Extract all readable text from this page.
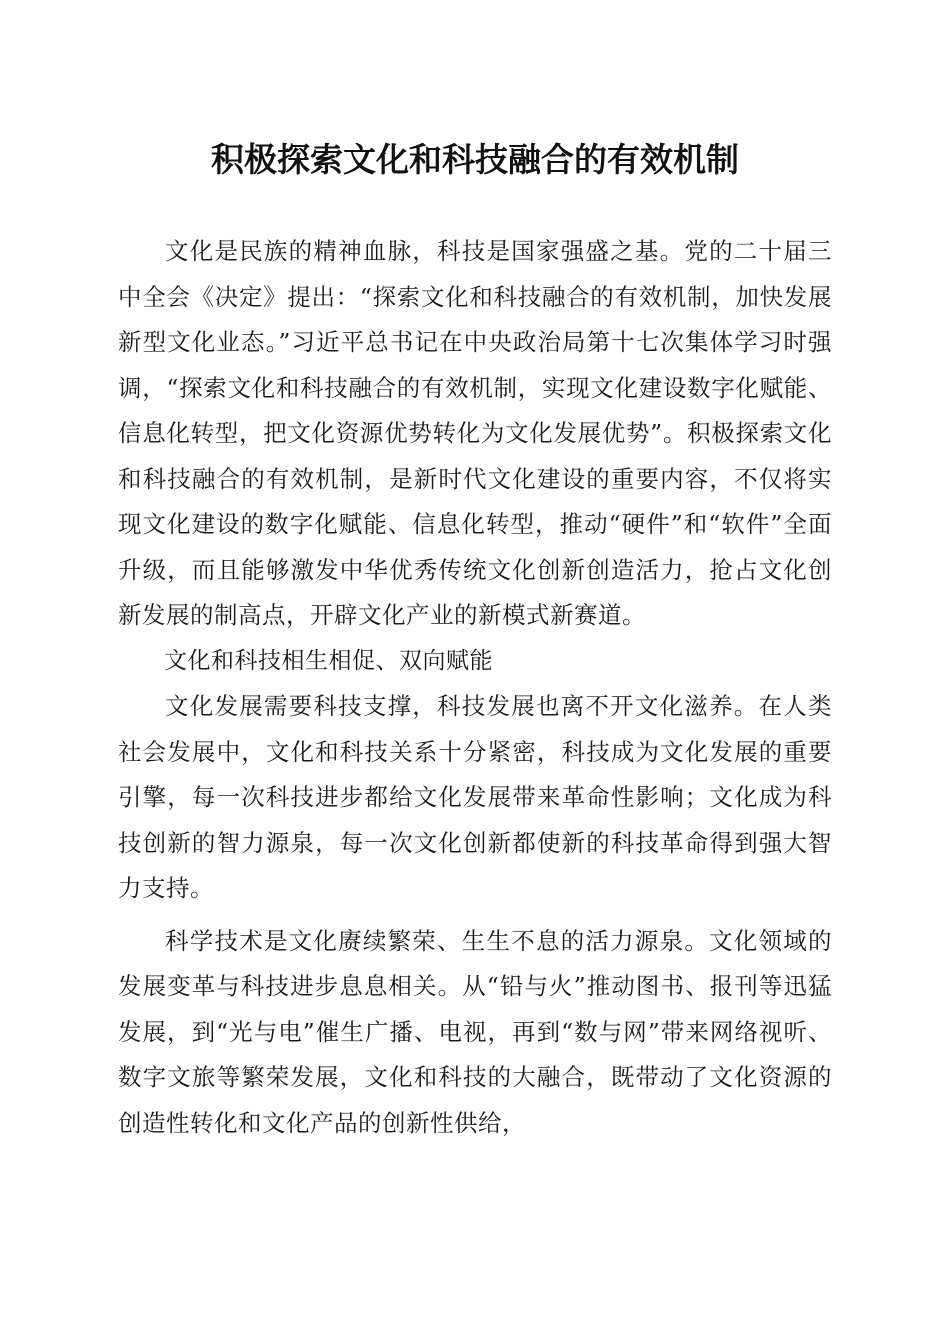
积极探索文化和科技融合的有效机制

文化是民族的精神血脉，科技是国家强盛之基。党的二十届三中全会《决定》提出：“探索文化和科技融合的有效机制，加快发展新型文化业态。”习近平总书记在中央政治局第十七次集体学习时强调，“探索文化和科技融合的有效机制，实现文化建设数字化赋能、信息化转型，把文化资源优势转化为文化发展优势”。积极探索文化和科技融合的有效机制，是新时代文化建设的重要内容，不仅将实现文化建设的数字化赋能、信息化转型，推动“硬件”和“软件”全面升级，而且能够激发中华优秀传统文化创新创造活力，抢占文化创新发展的制高点，开辟文化产业的新模式新赛道。

文化和科技相生相促、双向赋能

文化发展需要科技支撑，科技发展也离不开文化滋养。在人类社会发展中，文化和科技关系十分紧密，科技成为文化发展的重要引擎，每一次科技进步都给文化发展带来革命性影响；文化成为科技创新的智力源泉，每一次文化创新都使新的科技革命得到强大智力支持。

科学技术是文化赓续繁荣、生生不息的活力源泉。文化领域的发展变革与科技进步息息相关。从“铅与火”推动图书、报刊等迅猛发展，到“光与电”催生广播、电视，再到“数与网”带来网络视听、数字文旅等繁荣发展，文化和科技的大融合，既带动了文化资源的创造性转化和文化产品的创新性供给，
